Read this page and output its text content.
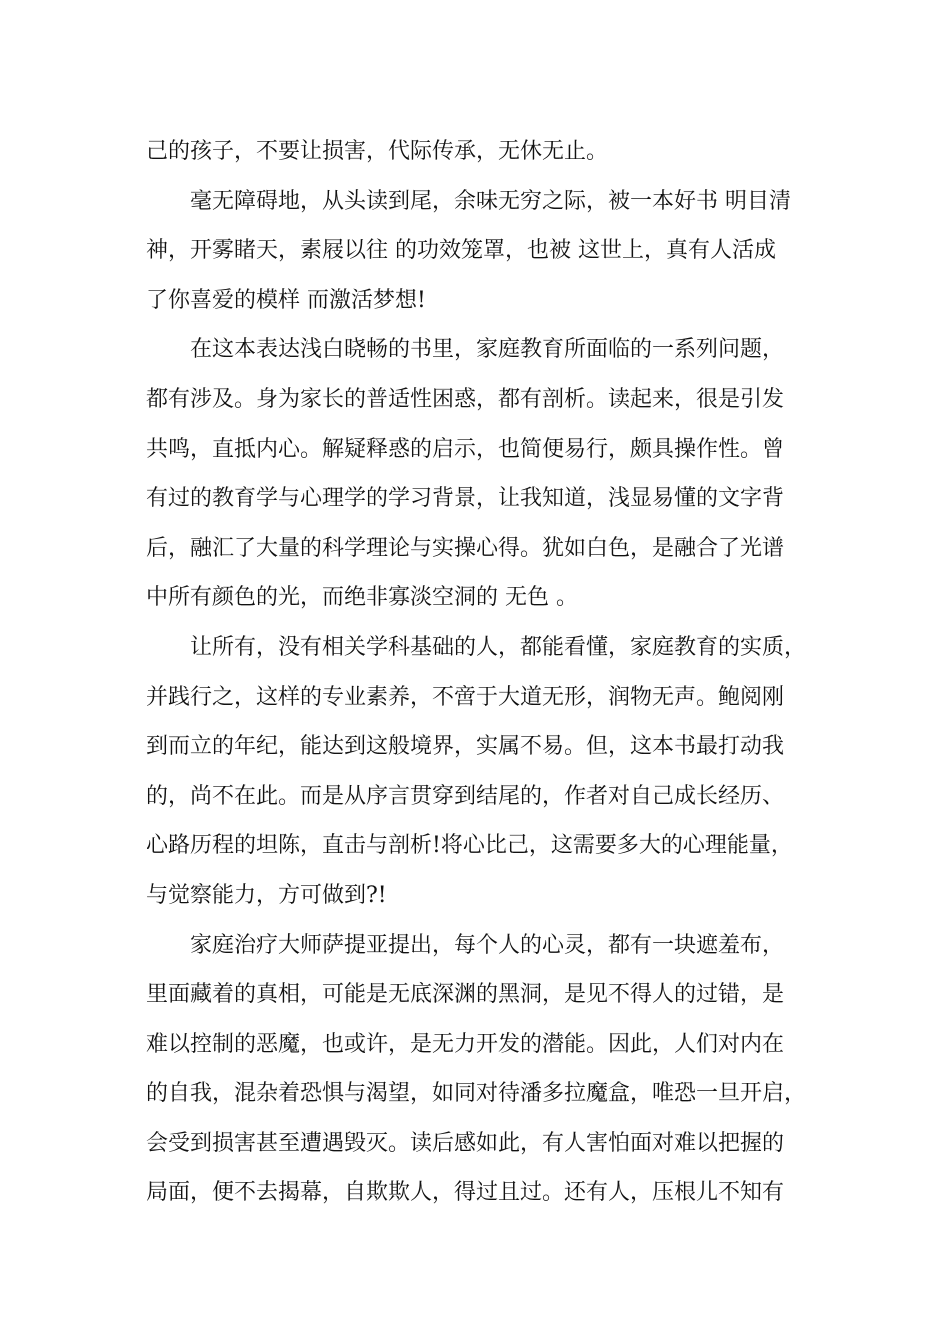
己的孩子，不要让损害，代际传承，无休无止。
毫无障碍地，从头读到尾，余味无穷之际，被一本好书 明目清
神，开雾睹天，素屐以往 的功效笼罩，也被 这世上，真有人活成
了你喜爱的模样 而激活梦想!
在这本表达浅白晓畅的书里，家庭教育所面临的一系列问题，
都有涉及。身为家长的普适性困惑，都有剖析。读起来，很是引发
共鸣，直抵内心。解疑释惑的启示，也简便易行，颇具操作性。曾
有过的教育学与心理学的学习背景，让我知道，浅显易懂的文字背
后，融汇了大量的科学理论与实操心得。犹如白色，是融合了光谱
中所有颜色的光，而绝非寡淡空洞的 无色 。
让所有，没有相关学科基础的人，都能看懂，家庭教育的实质，
并践行之，这样的专业素养，不啻于大道无形，润物无声。鲍阅刚
到而立的年纪，能达到这般境界，实属不易。但，这本书最打动我
的，尚不在此。而是从序言贯穿到结尾的，作者对自己成长经历、
心路历程的坦陈，直击与剖析!将心比己，这需要多大的心理能量，
与觉察能力，方可做到?!
家庭治疗大师萨提亚提出，每个人的心灵，都有一块遮羞布，
里面藏着的真相，可能是无底深渊的黑洞，是见不得人的过错，是
难以控制的恶魔，也或许，是无力开发的潜能。因此，人们对内在
的自我，混杂着恐惧与渴望，如同对待潘多拉魔盒，唯恐一旦开启，
会受到损害甚至遭遇毁灭。读后感如此，有人害怕面对难以把握的
局面，便不去揭幕，自欺欺人，得过且过。还有人，压根儿不知有
